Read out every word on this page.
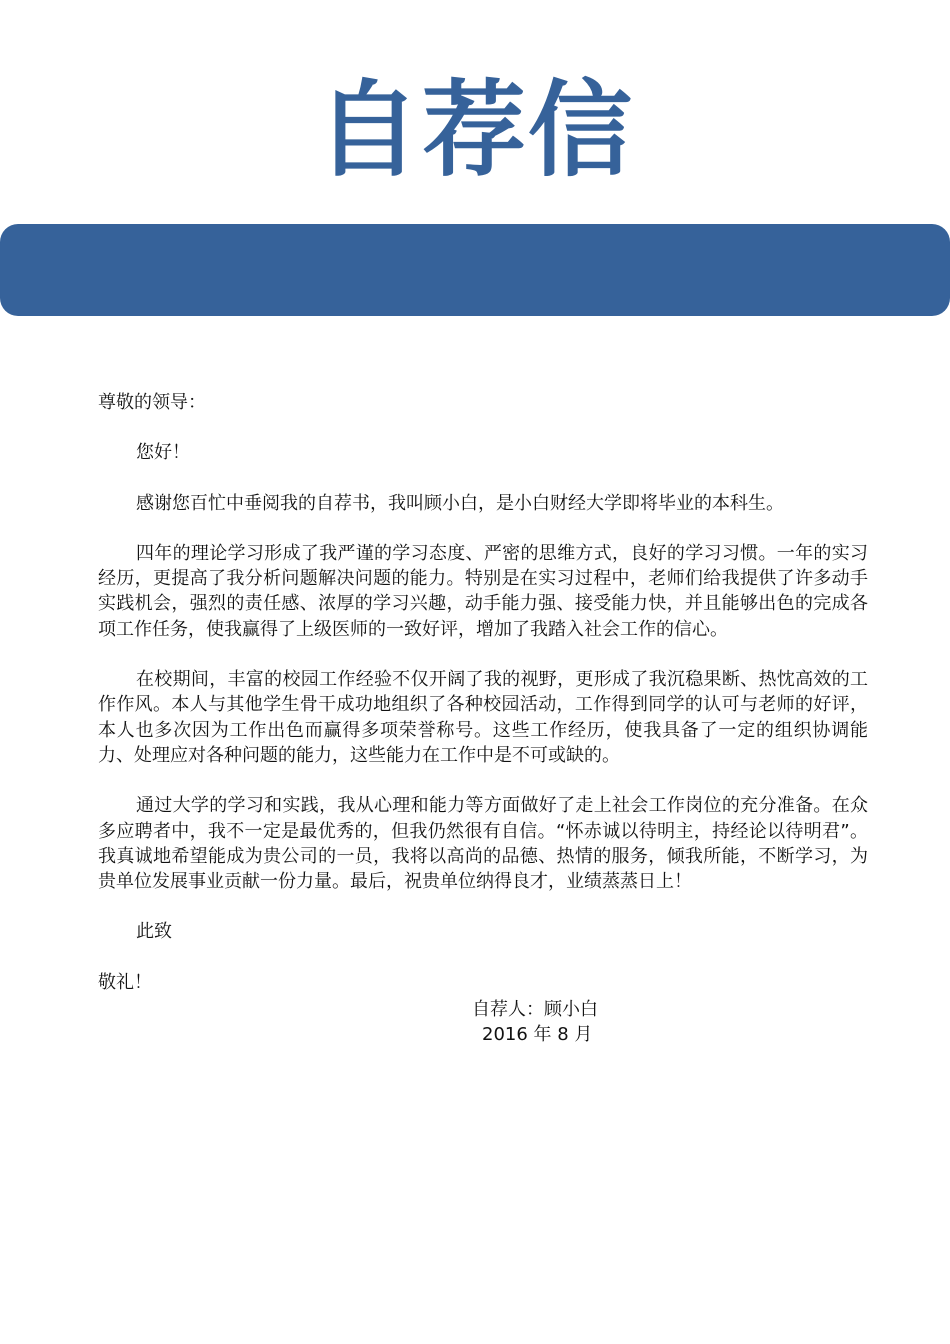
自荐信

尊敬的领导：

您好！

感谢您百忙中垂阅我的自荐书，我叫顾小白，是小白财经大学即将毕业的本科生。

四年的理论学习形成了我严谨的学习态度、严密的思维方式，良好的学习习惯。一年的实习经历，更提高了我分析问题解决问题的能力。特别是在实习过程中，老师们给我提供了许多动手实践机会，强烈的责任感、浓厚的学习兴趣，动手能力强、接受能力快，并且能够出色的完成各项工作任务，使我赢得了上级医师的一致好评，增加了我踏入社会工作的信心。

在校期间，丰富的校园工作经验不仅开阔了我的视野，更形成了我沉稳果断、热忱高效的工作作风。本人与其他学生骨干成功地组织了各种校园活动，工作得到同学的认可与老师的好评，本人也多次因为工作出色而赢得多项荣誉称号。这些工作经历，使我具备了一定的组织协调能力、处理应对各种问题的能力，这些能力在工作中是不可或缺的。

通过大学的学习和实践，我从心理和能力等方面做好了走上社会工作岗位的充分准备。在众多应聘者中，我不一定是最优秀的，但我仍然很有自信。“怀赤诚以待明主，持经论以待明君”。我真诚地希望能成为贵公司的一员，我将以高尚的品德、热情的服务，倾我所能，不断学习，为贵单位发展事业贡献一份力量。最后，祝贵单位纳得良才，业绩蒸蒸日上！

此致

敬礼！

自荐人：顾小白
2016 年 8 月
